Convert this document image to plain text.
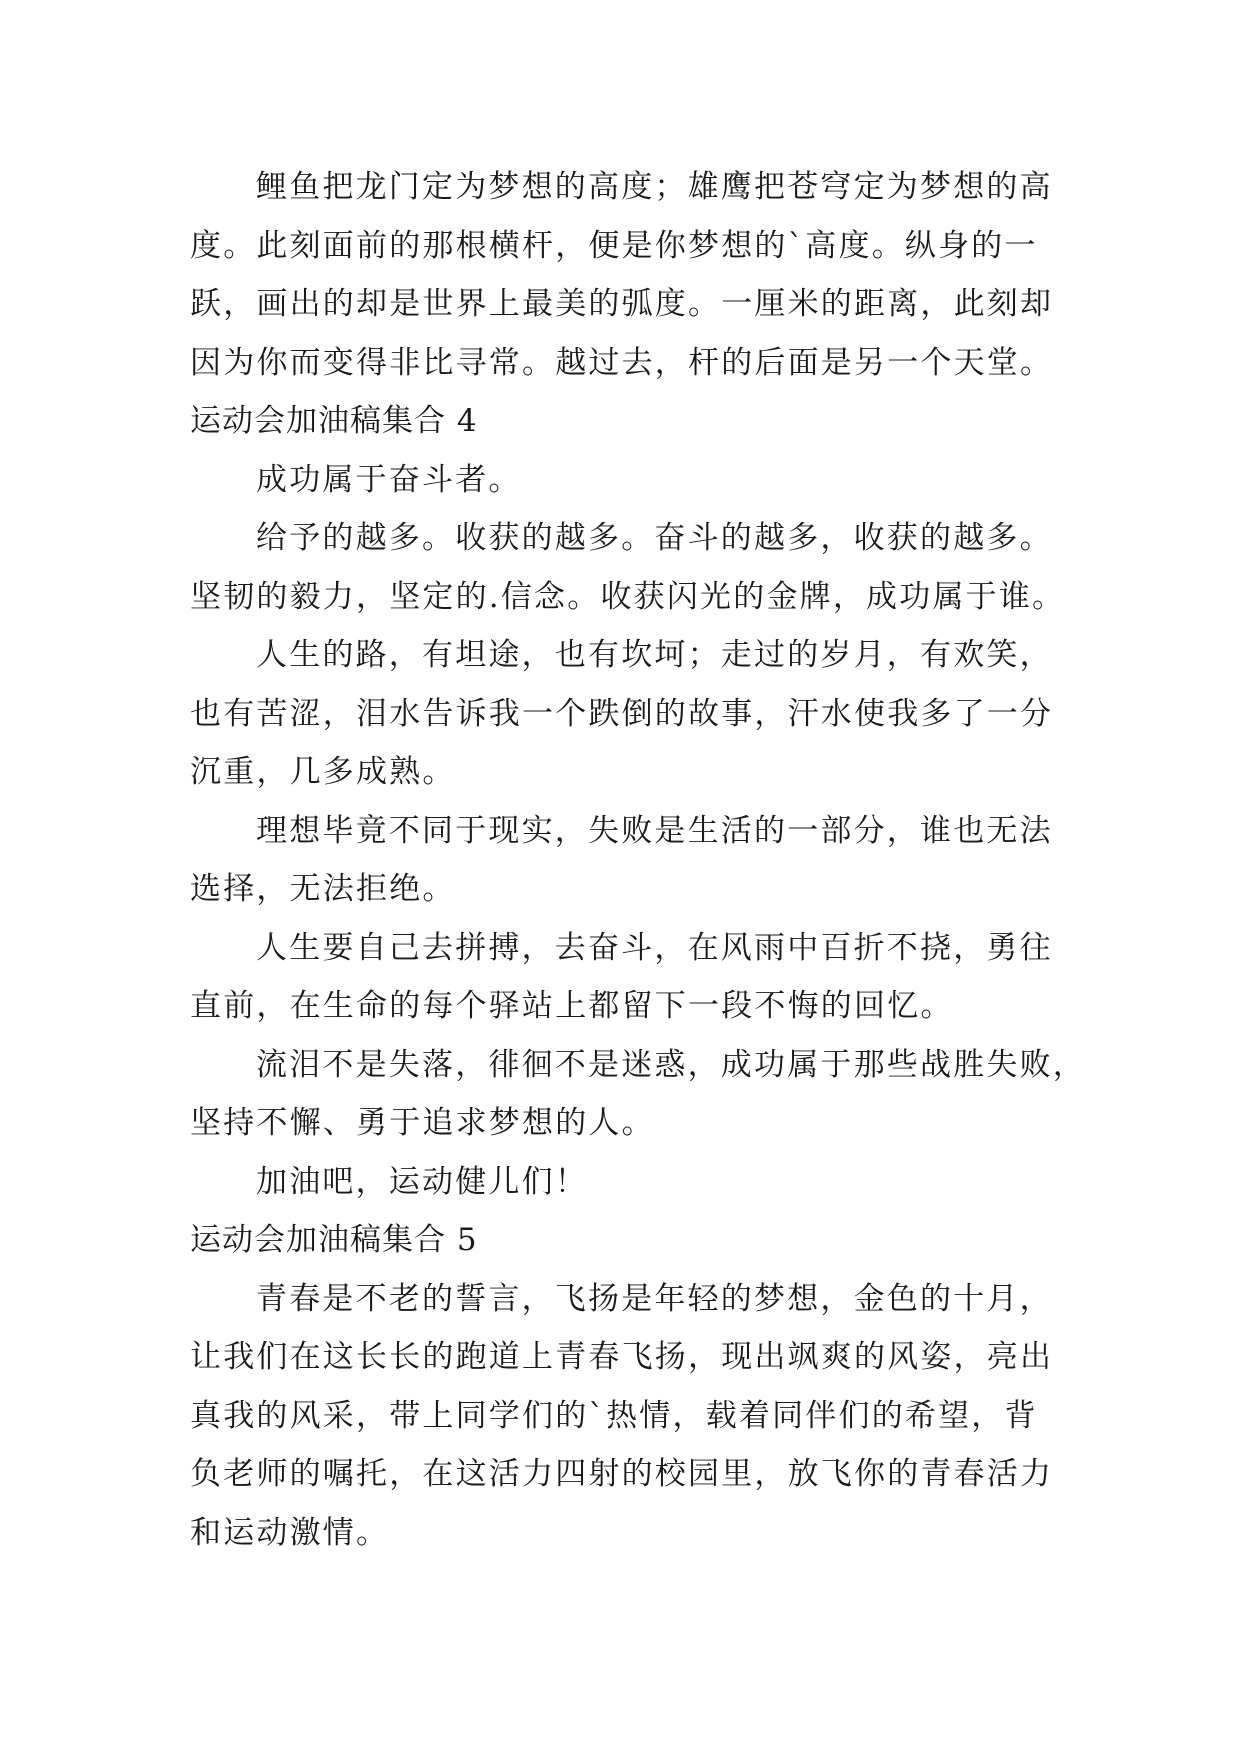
鲤鱼把龙门定为梦想的高度；雄鹰把苍穹定为梦想的高

度。此刻面前的那根横杆，便是你梦想的`高度。纵身的一

跃，画出的却是世界上最美的弧度。一厘米的距离，此刻却

因为你而变得非比寻常。越过去，杆的后面是另一个天堂。

运动会加油稿集合 4

成功属于奋斗者。

给予的越多。收获的越多。奋斗的越多，收获的越多。

坚韧的毅力，坚定的.信念。收获闪光的金牌，成功属于谁。

人生的路，有坦途，也有坎坷；走过的岁月，有欢笑，

也有苦涩，泪水告诉我一个跌倒的故事，汗水使我多了一分

沉重，几多成熟。

理想毕竟不同于现实，失败是生活的一部分，谁也无法

选择，无法拒绝。

人生要自己去拼搏，去奋斗，在风雨中百折不挠，勇往

直前，在生命的每个驿站上都留下一段不悔的回忆。

流泪不是失落，徘徊不是迷惑，成功属于那些战胜失败，

坚持不懈、勇于追求梦想的人。

加油吧，运动健儿们！

运动会加油稿集合 5

青春是不老的誓言，飞扬是年轻的梦想，金色的十月，

让我们在这长长的跑道上青春飞扬，现出飒爽的风姿，亮出

真我的风采，带上同学们的`热情，载着同伴们的希望，背

负老师的嘱托，在这活力四射的校园里，放飞你的青春活力

和运动激情。
